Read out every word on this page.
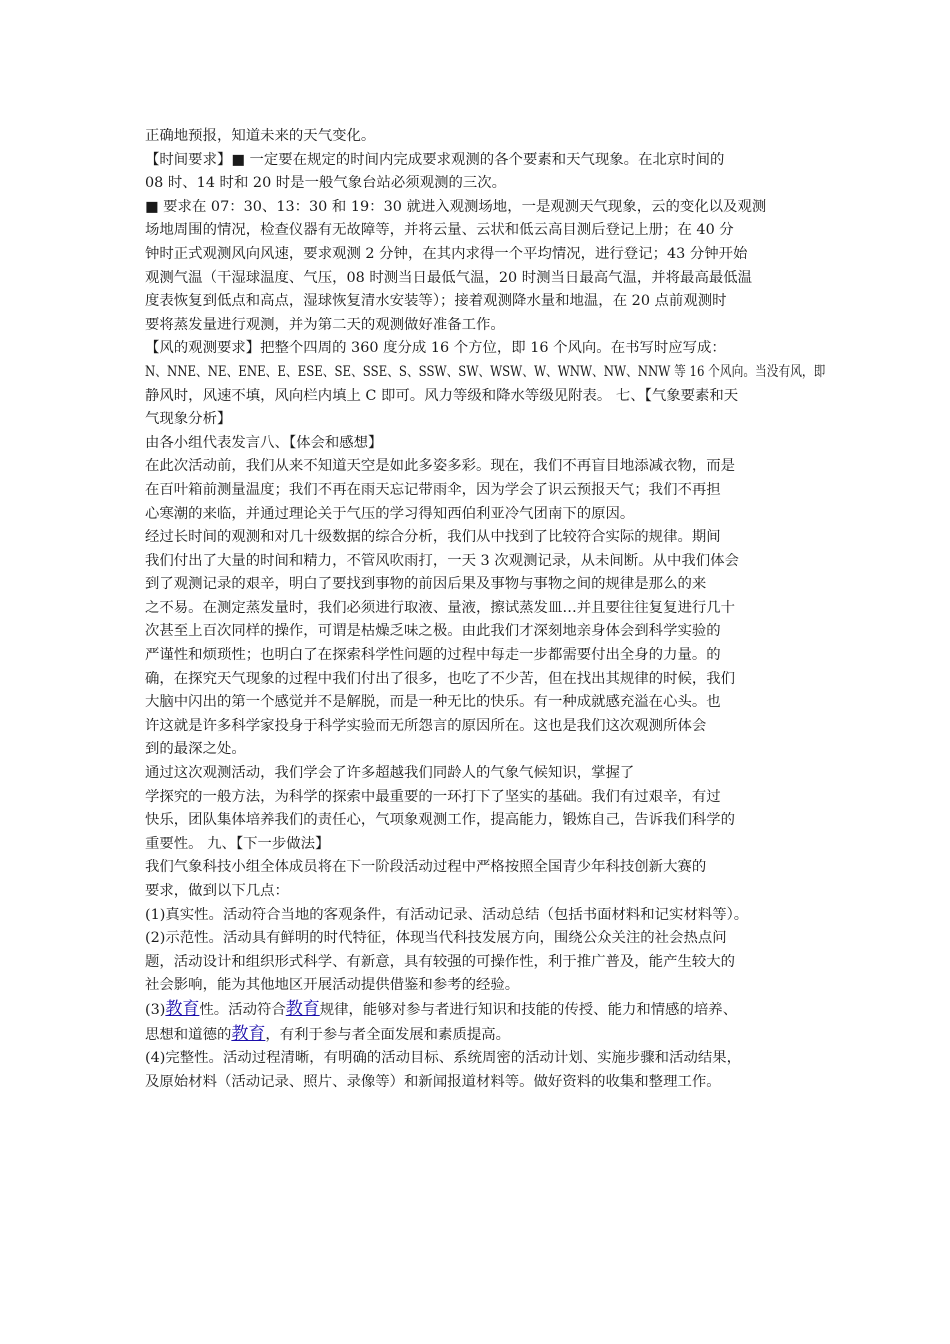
正确地预报，知道未来的天气变化。
【时间要求】■ 一定要在规定的时间内完成要求观测的各个要素和天气现象。在北京时间的
08 时、14 时和 20 时是一般气象台站必须观测的三次。
■ 要求在 07：30、13：30 和 19：30 就进入观测场地，一是观测天气现象，云的变化以及观测
场地周围的情况，检查仪器有无故障等，并将云量、云状和低云高目测后登记上册；在 40 分
钟时正式观测风向风速，要求观测 2 分钟，在其内求得一个平均情况，进行登记；43 分钟开始
观测气温（干湿球温度、气压，08 时测当日最低气温，20 时测当日最高气温，并将最高最低温
度表恢复到低点和高点，湿球恢复清水安装等）；接着观测降水量和地温，在 20 点前观测时
要将蒸发量进行观测，并为第二天的观测做好准备工作。
【风的观测要求】把整个四周的 360 度分成 16 个方位，即 16 个风向。在书写时应写成：
N、NNE、NE、ENE、E、ESE、SE、SSE、S、SSW、SW、WSW、W、WNW、NW、NNW 等 16 个风向。当没有风，即
静风时，风速不填，风向栏内填上 C 即可。风力等级和降水等级见附表。 七、【气象要素和天
气现象分析】
由各小组代表发言八、【体会和感想】
在此次活动前，我们从来不知道天空是如此多姿多彩。现在，我们不再盲目地添减衣物，而是
在百叶箱前测量温度；我们不再在雨天忘记带雨伞，因为学会了识云预报天气；我们不再担
心寒潮的来临，并通过理论关于气压的学习得知西伯利亚冷气团南下的原因。
经过长时间的观测和对几十级数据的综合分析，我们从中找到了比较符合实际的规律。期间
我们付出了大量的时间和精力，不管风吹雨打，一天 3 次观测记录，从未间断。从中我们体会
到了观测记录的艰辛，明白了要找到事物的前因后果及事物与事物之间的规律是那么的来
之不易。在测定蒸发量时，我们必须进行取液、量液，擦试蒸发皿…并且要往往复复进行几十
次甚至上百次同样的操作，可谓是枯燥乏味之极。由此我们才深刻地亲身体会到科学实验的
严谨性和烦琐性；也明白了在探索科学性问题的过程中每走一步都需要付出全身的力量。的
确，在探究天气现象的过程中我们付出了很多，也吃了不少苦，但在找出其规律的时候，我们
大脑中闪出的第一个感觉并不是解脱，而是一种无比的快乐。有一种成就感充溢在心头。也
许这就是许多科学家投身于科学实验而无所怨言的原因所在。这也是我们这次观测所体会
到的最深之处。
通过这次观测活动，我们学会了许多超越我们同龄人的气象气候知识，掌握了
学探究的一般方法，为科学的探索中最重要的一环打下了坚实的基础。我们有过艰辛，有过
快乐，团队集体培养我们的责任心，气项象观测工作，提高能力，锻炼自己，告诉我们科学的
重要性。 九、【下一步做法】
我们气象科技小组全体成员将在下一阶段活动过程中严格按照全国青少年科技创新大赛的
要求，做到以下几点：
(1)真实性。活动符合当地的客观条件，有活动记录、活动总结（包括书面材料和记实材料等）。
(2)示范性。活动具有鲜明的时代特征，体现当代科技发展方向，围绕公众关注的社会热点问
题，活动设计和组织形式科学、有新意，具有较强的可操作性，利于推广普及，能产生较大的
社会影响，能为其他地区开展活动提供借鉴和参考的经验。
(3)教育性。活动符合教育规律，能够对参与者进行知识和技能的传授、能力和情感的培养、
思想和道德的教育，有利于参与者全面发展和素质提高。
(4)完整性。活动过程清晰，有明确的活动目标、系统周密的活动计划、实施步骤和活动结果，
及原始材料（活动记录、照片、录像等）和新闻报道材料等。做好资料的收集和整理工作。
